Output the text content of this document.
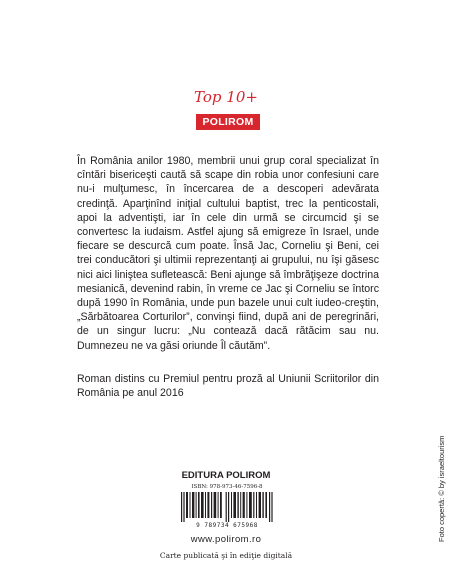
Top 10+
POLIROM

În România anilor 1980, membrii unui grup coral specializat în cîntări bisericeşti caută să scape din robia unor confesiuni care nu-i mulţumesc, în încercarea de a descoperi adevărata credinţă. Aparţinînd iniţial cultului baptist, trec la penticostali, apoi la adventişti, iar în cele din urmă se circumcid şi se convertesc la iudaism. Astfel ajung să emigreze în Israel, unde fiecare se descurcă cum poate. Însă Jac, Corneliu şi Beni, cei trei conducători şi ultimii reprezentanţi ai grupului, nu îşi găsesc nici aici liniştea sufletească: Beni ajunge să îmbrăţişeze doctrina mesianică, devenind rabin, în vreme ce Jac şi Corneliu se întorc după 1990 în România, unde pun bazele unui cult iudeo-creştin, „Sărbătoarea Corturilor”, convinşi fiind, după ani de peregrinări, de un singur lucru: „Nu contează dacă rătăcim sau nu. Dumnezeu ne va găsi oriunde Îl căutăm”.

Roman distins cu Premiul pentru proză al Uniunii Scriitorilor din România pe anul 2016

EDITURA POLIROM
ISBN: 978-973-46-7596-8
9 789734 675968
www.polirom.ro
Carte publicată şi în ediţie digitală
Foto copertă: © by israeltourism
